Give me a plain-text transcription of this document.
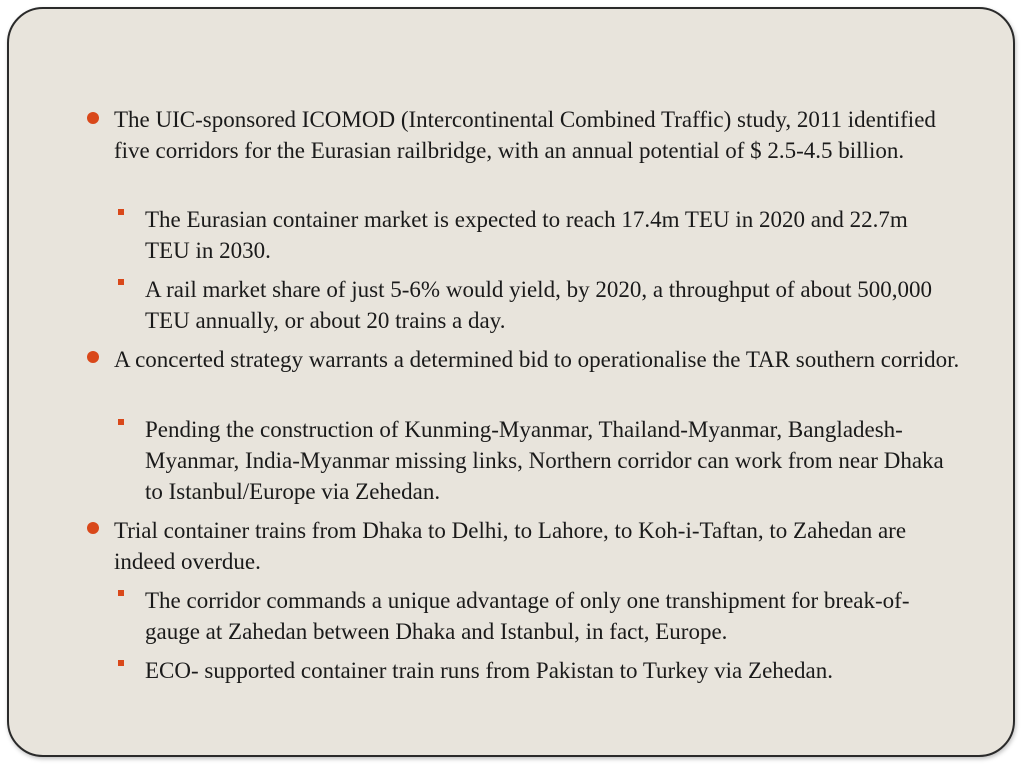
The UIC-sponsored ICOMOD (Intercontinental Combined Traffic) study, 2011 identified five corridors for the Eurasian railbridge, with an annual potential of $ 2.5-4.5 billion.

The Eurasian container market is expected to reach 17.4m TEU in 2020 and 22.7m TEU in 2030.

A rail market share of just 5-6% would yield, by 2020, a throughput of about 500,000 TEU annually, or about 20 trains a day.

A concerted strategy warrants a determined bid to operationalise the TAR southern corridor.

Pending the construction of Kunming-Myanmar, Thailand-Myanmar, Bangladesh-Myanmar, India-Myanmar missing links, Northern corridor can work from near Dhaka to Istanbul/Europe via Zehedan.

Trial container trains from Dhaka to Delhi, to Lahore, to Koh-i-Taftan, to Zahedan are indeed overdue.

The corridor commands a unique advantage of only one transhipment for break-of-gauge at Zahedan between Dhaka and Istanbul, in fact, Europe.

ECO- supported container train runs from Pakistan to Turkey via Zehedan.
